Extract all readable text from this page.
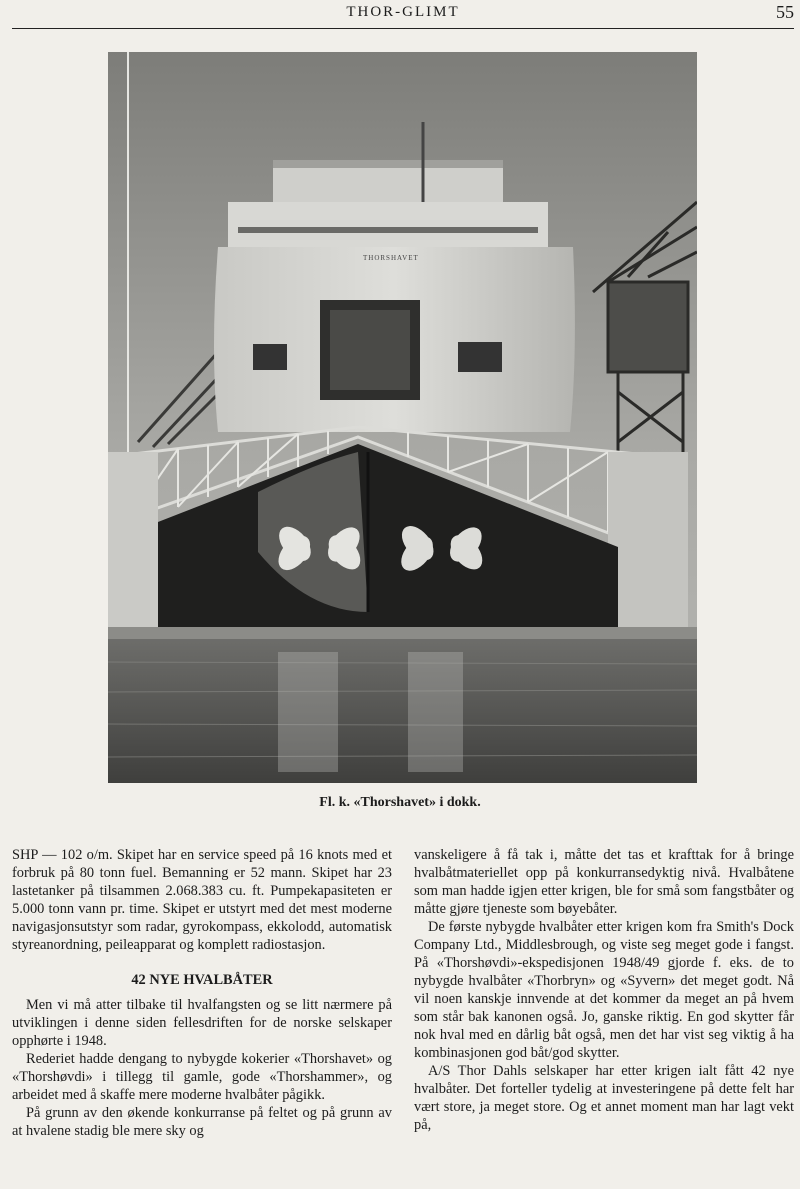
THOR-GLIMT	55
THORSHAVET
Fl. k. «Thorshavet» i dokk.

SHP — 102 o/m. Skipet har en service speed på 16 knots med et forbruk på 80 tonn fuel. Bemanning er 52 mann. Skipet har 23 lastetanker på tilsammen 2.068.383 cu. ft. Pumpekapasiteten er 5.000 tonn vann pr. time. Skipet er utstyrt med det mest moderne navigasjonsutstyr som radar, gyrokompass, ekkolodd, automatisk styreanordning, peileapparat og komplett radiostasjon.

42 NYE HVALBÅTER

Men vi må atter tilbake til hvalfangsten og se litt nærmere på utviklingen i denne siden fellesdriften for de norske selskaper opphørte i 1948.

Rederiet hadde dengang to nybygde kokerier «Thorshavet» og «Thorshøvdi» i tillegg til gamle, gode «Thorshammer», og arbeidet med å skaffe mere moderne hvalbåter pågikk.

På grunn av den økende konkurranse på feltet og på grunn av at hvalene stadig ble mere sky og

vanskeligere å få tak i, måtte det tas et krafttak for å bringe hvalbåtmateriellet opp på konkurransedyktig nivå. Hvalbåtene som man hadde igjen etter krigen, ble for små som fangstbåter og måtte gjøre tjeneste som bøyebåter.

De første nybygde hvalbåter etter krigen kom fra Smith's Dock Company Ltd., Middlesbrough, og viste seg meget gode i fangst. På «Thorshøvdi»-ekspedisjonen 1948/49 gjorde f. eks. de to nybygde hvalbåter «Thorbryn» og «Syvern» det meget godt. Nå vil noen kanskje innvende at det kommer da meget an på hvem som står bak kanonen også. Jo, ganske riktig. En god skytter får nok hval med en dårlig båt også, men det har vist seg viktig å ha kombinasjonen god båt/god skytter.

A/S Thor Dahls selskaper har etter krigen ialt fått 42 nye hvalbåter. Det forteller tydelig at investeringene på dette felt har vært store, ja meget store. Og et annet moment man har lagt vekt på,
